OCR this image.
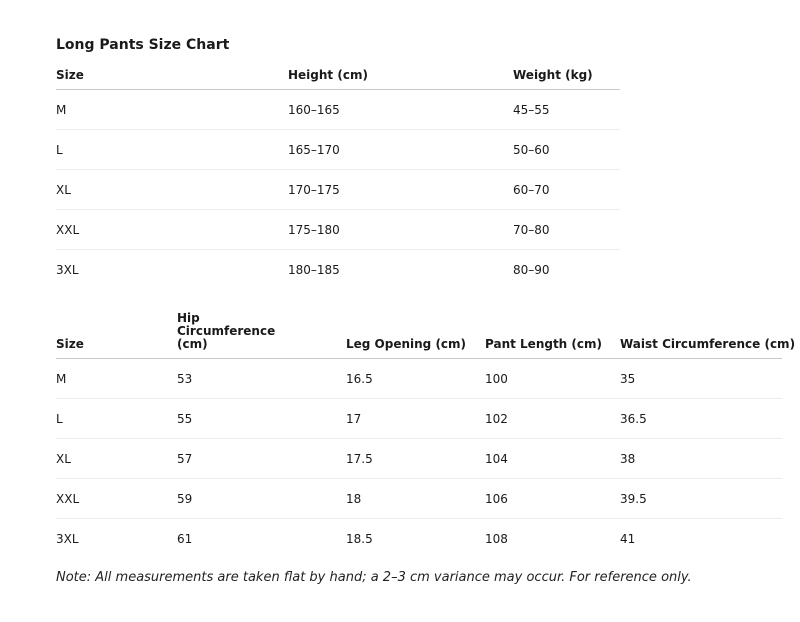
Long Pants Size Chart
Size	Height (cm)	Weight (kg)
M	160–165	45–55
L	165–170	50–60
XL	170–175	60–70
XXL	175–180	70–80
3XL	180–185	80–90
Size	Hip Circumference (cm)	Leg Opening (cm)	Pant Length (cm)	Waist Circumference (cm)
M	53	16.5	100	35
L	55	17	102	36.5
XL	57	17.5	104	38
XXL	59	18	106	39.5
3XL	61	18.5	108	41
Note: All measurements are taken flat by hand; a 2–3 cm variance may occur. For reference only.
